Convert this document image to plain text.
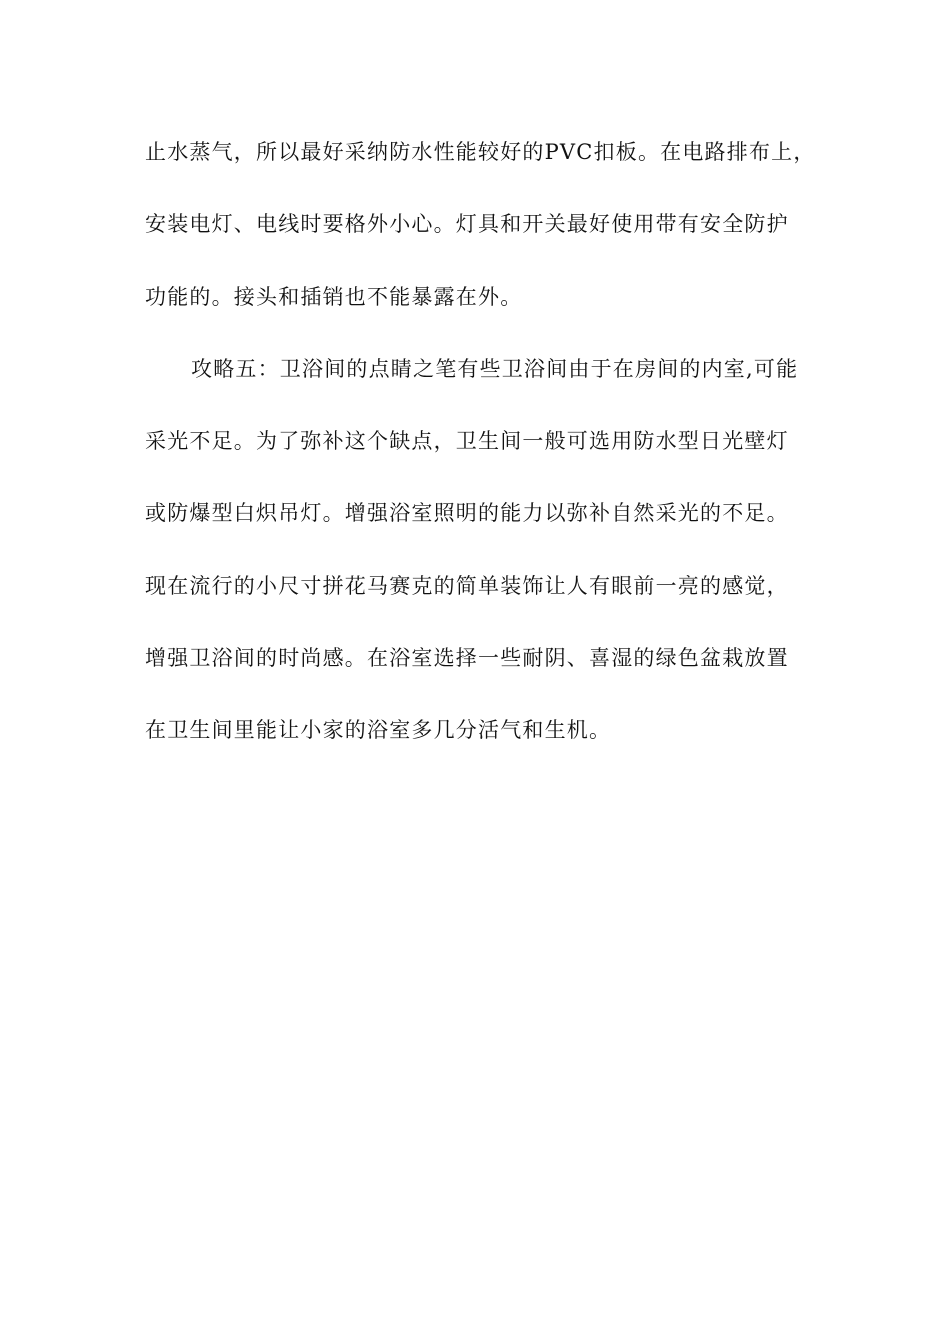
止水蒸气，所以最好采纳防水性能较好的PVC扣板。在电路排布上，
安装电灯、电线时要格外小心。灯具和开关最好使用带有安全防护
功能的。接头和插销也不能暴露在外。
攻略五：卫浴间的点睛之笔有些卫浴间由于在房间的内室,可能
采光不足。为了弥补这个缺点，卫生间一般可选用防水型日光壁灯
或防爆型白炽吊灯。增强浴室照明的能力以弥补自然采光的不足。
现在流行的小尺寸拼花马赛克的简单装饰让人有眼前一亮的感觉，
增强卫浴间的时尚感。在浴室选择一些耐阴、喜湿的绿色盆栽放置
在卫生间里能让小家的浴室多几分活气和生机。
